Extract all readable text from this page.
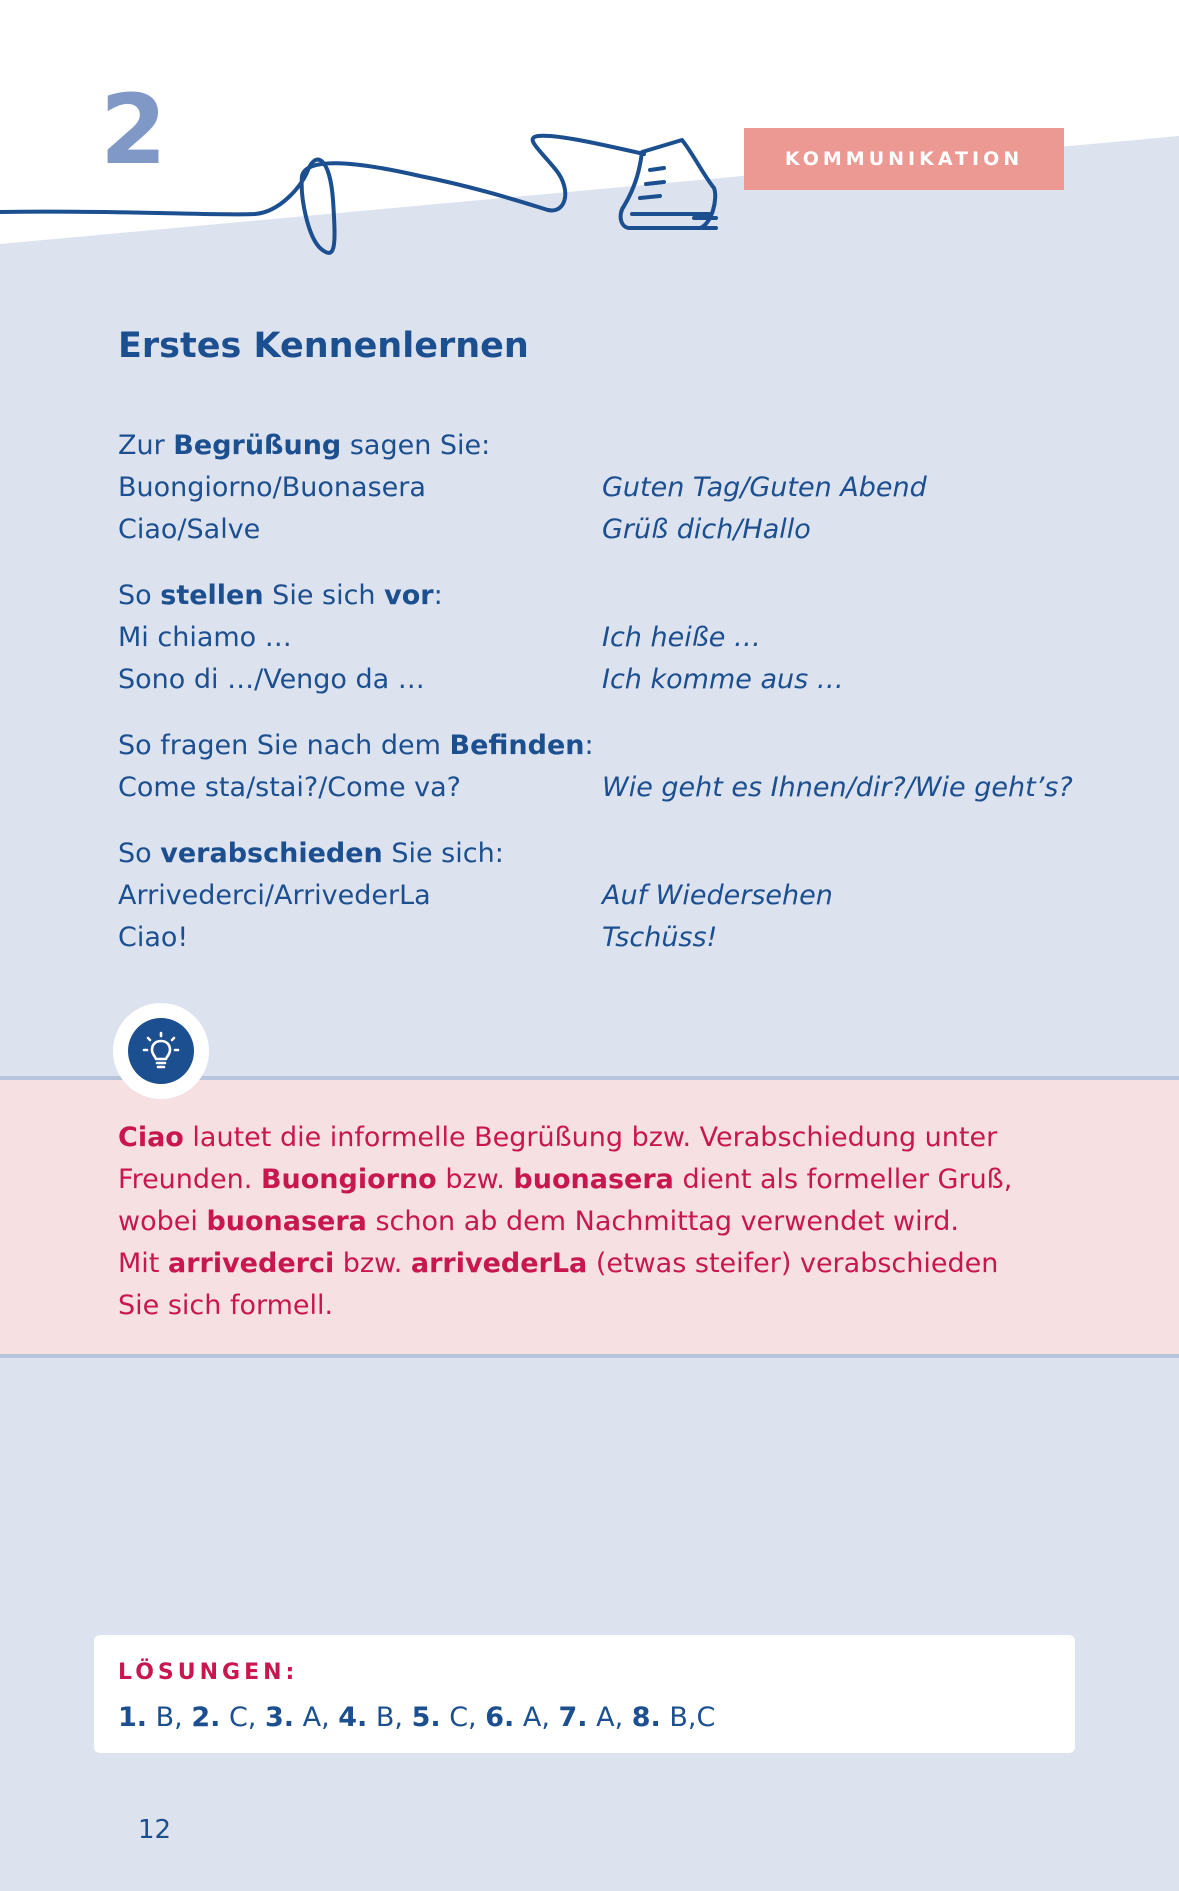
2	KOMMUNIKATION
Erstes Kennenlernen
Zur Begrüßung sagen Sie:
Buongiorno/Buonasera	Guten Tag/Guten Abend
Ciao/Salve	Grüß dich/Hallo
So stellen Sie sich vor:
Mi chiamo …	Ich heiße …
Sono di …/Vengo da …	Ich komme aus …
So fragen Sie nach dem Befinden:
Come sta/stai?/Come va?	Wie geht es Ihnen/dir?/Wie geht’s?
So verabschieden Sie sich:
Arrivederci/ArrivederLa	Auf Wiedersehen
Ciao!	Tschüss!
Ciao lautet die informelle Begrüßung bzw. Verabschiedung unter
Freunden. Buongiorno bzw. buonasera dient als formeller Gruß,
wobei buonasera schon ab dem Nachmittag verwendet wird.
Mit arrivederci bzw. arrivederLa (etwas steifer) verabschieden
Sie sich formell.
LÖSUNGEN:
1. B, 2. C, 3. A, 4. B, 5. C, 6. A, 7. A, 8. B,C
12
